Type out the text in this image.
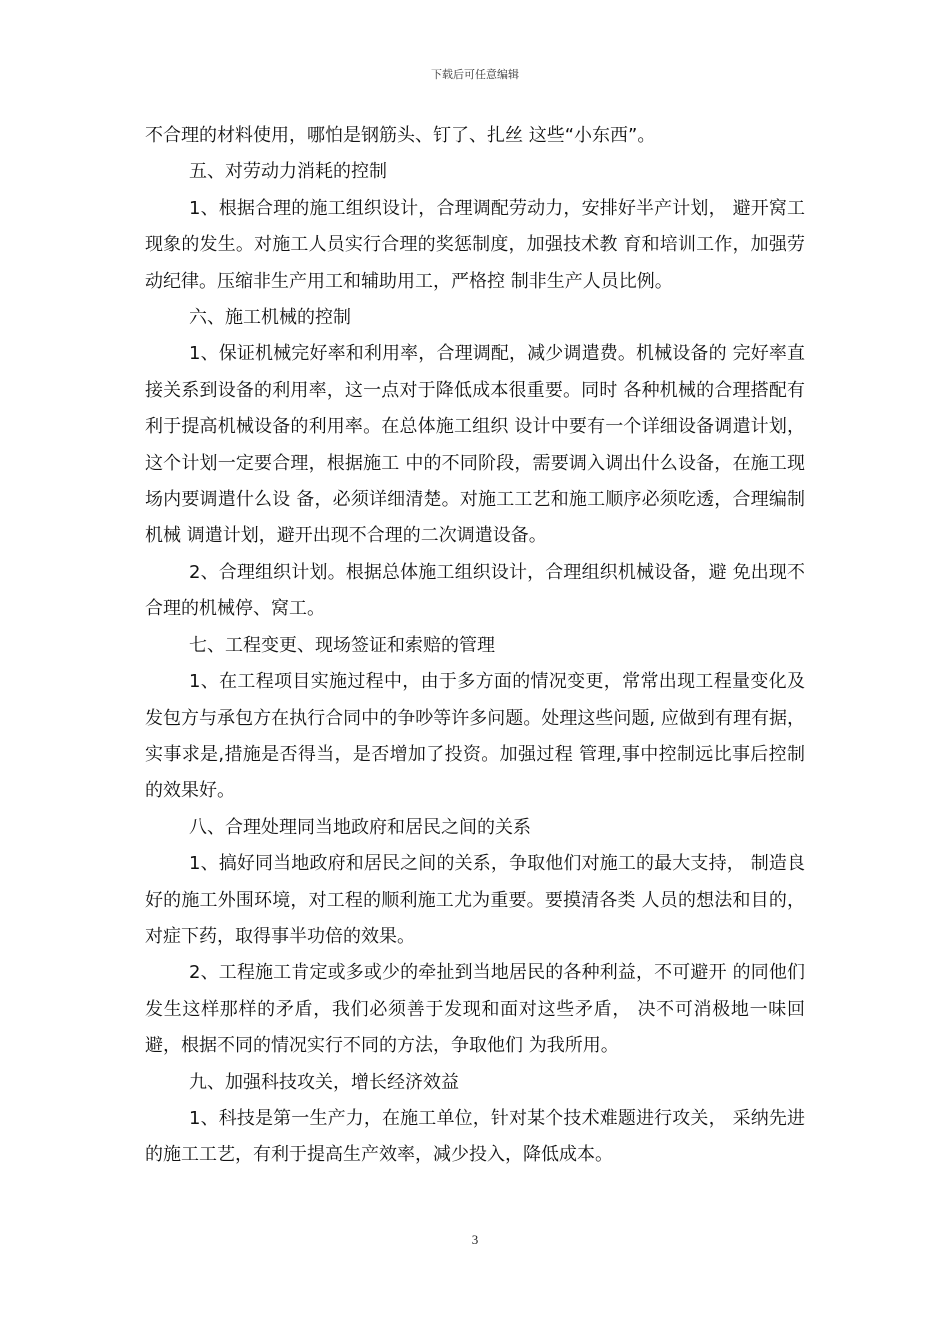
下载后可任意编辑

不合理的材料使用，哪怕是钢筋头、钉了、扎丝 这些“小东西”。

五、对劳动力消耗的控制

1、根据合理的施工组织设计，合理调配劳动力，安排好半产计划， 避开窝工现象的发生。对施工人员实行合理的奖惩制度，加强技术教 育和培训工作，加强劳动纪律。压缩非生产用工和辅助用工，严格控 制非生产人员比例。

六、施工机械的控制

1、保证机械完好率和利用率，合理调配，减少调遣费。机械设备的 完好率直接关系到设备的利用率，这一点对于降低成本很重要。同时 各种机械的合理搭配有利于提高机械设备的利用率。在总体施工组织 设计中要有一个详细设备调遣计划，这个计划一定要合理，根据施工 中的不同阶段，需要调入调出什么设备，在施工现场内要调遣什么设 备，必须详细清楚。对施工工艺和施工顺序必须吃透，合理编制机械 调遣计划，避开出现不合理的二次调遣设备。

2、合理组织计划。根据总体施工组织设计，合理组织机械设备，避 免出现不合理的机械停、窝工。

七、工程变更、现场签证和索赔的管理

1、在工程项目实施过程中，由于多方面的情况变更，常常出现工程量变化及发包方与承包方在执行合同中的争吵等许多问题。处理这些问题, 应做到有理有据，实事求是,措施是否得当，是否增加了投资。加强过程 管理,事中控制远比事后控制的效果好。

八、合理处理同当地政府和居民之间的关系

1、搞好同当地政府和居民之间的关系，争取他们对施工的最大支持， 制造良好的施工外围环境，对工程的顺利施工尤为重要。要摸清各类 人员的想法和目的，对症下药，取得事半功倍的效果。

2、工程施工肯定或多或少的牵扯到当地居民的各种利益，不可避开 的同他们发生这样那样的矛盾，我们必须善于发现和面对这些矛盾， 决不可消极地一味回避，根据不同的情况实行不同的方法，争取他们 为我所用。

九、加强科技攻关，增长经济效益

1、科技是第一生产力，在施工单位，针对某个技术难题进行攻关， 采纳先进的施工工艺，有利于提高生产效率，减少投入，降低成本。

3
